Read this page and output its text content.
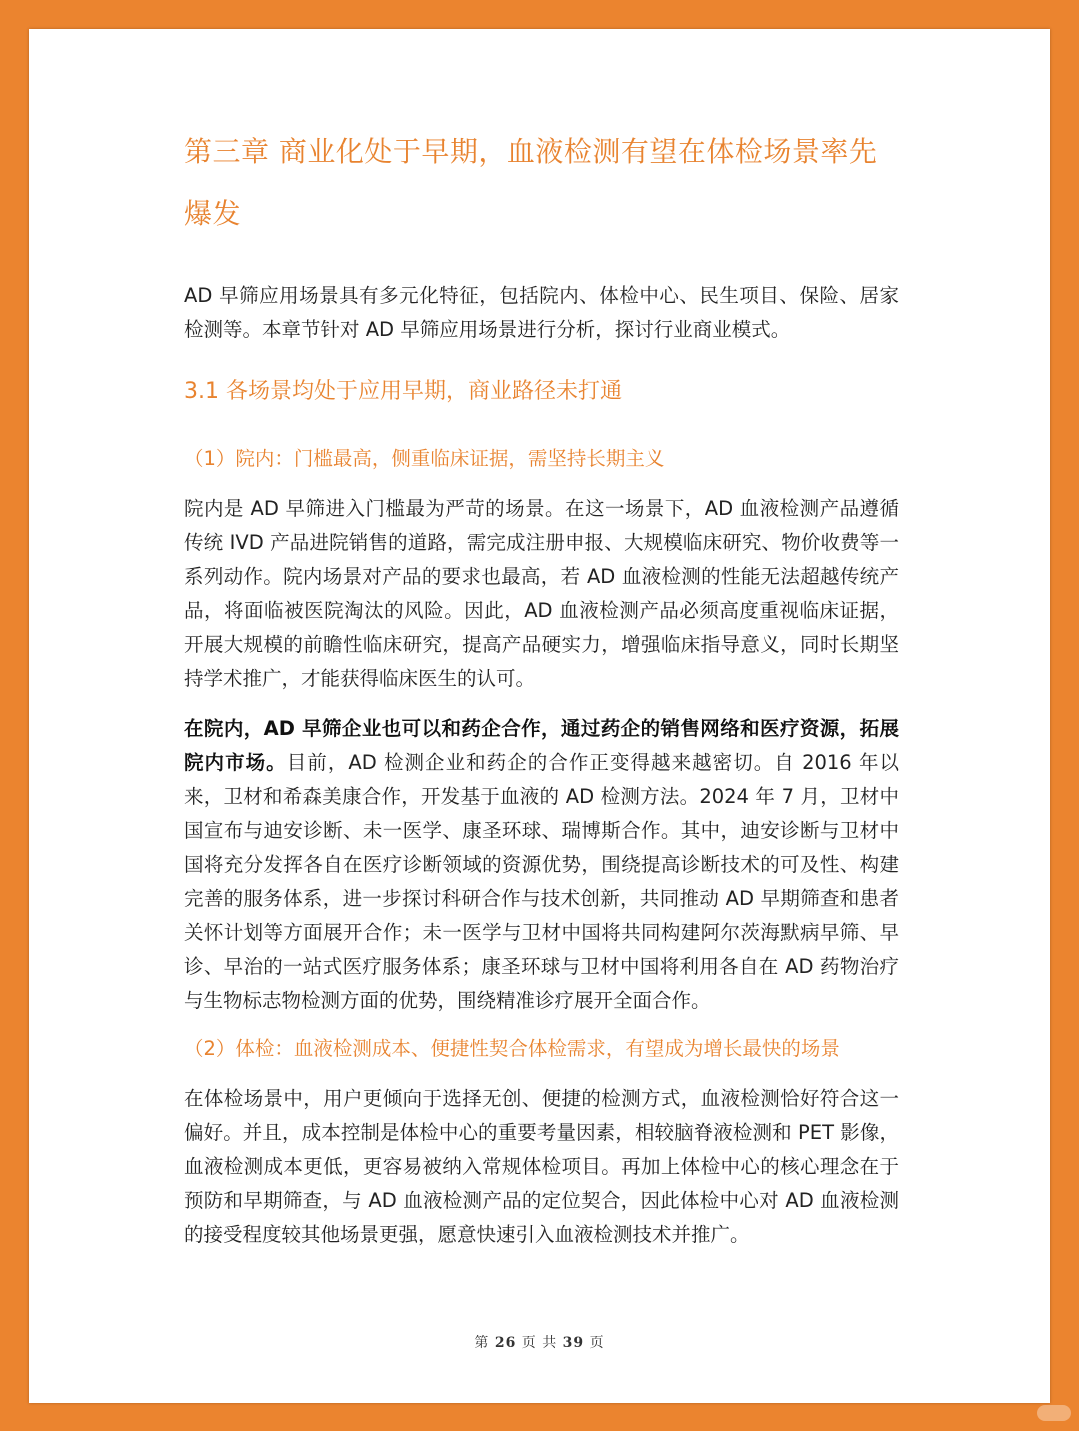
第三章 商业化处于早期，血液检测有望在体检场景率先爆发

AD 早筛应用场景具有多元化特征，包括院内、体检中心、民生项目、保险、居家检测等。本章节针对 AD 早筛应用场景进行分析，探讨行业商业模式。

3.1 各场景均处于应用早期，商业路径未打通
（1）院内：门槛最高，侧重临床证据，需坚持长期主义

院内是 AD 早筛进入门槛最为严苛的场景。在这一场景下，AD 血液检测产品遵循传统 IVD 产品进院销售的道路，需完成注册申报、大规模临床研究、物价收费等一系列动作。院内场景对产品的要求也最高，若 AD 血液检测的性能无法超越传统产品，将面临被医院淘汰的风险。因此，AD 血液检测产品必须高度重视临床证据，开展大规模的前瞻性临床研究，提高产品硬实力，增强临床指导意义，同时长期坚持学术推广，才能获得临床医生的认可。

在院内，AD 早筛企业也可以和药企合作，通过药企的销售网络和医疗资源，拓展院内市场。目前，AD 检测企业和药企的合作正变得越来越密切。自 2016 年以来，卫材和希森美康合作，开发基于血液的 AD 检测方法。2024 年 7 月，卫材中国宣布与迪安诊断、未一医学、康圣环球、瑞博斯合作。其中，迪安诊断与卫材中国将充分发挥各自在医疗诊断领域的资源优势，围绕提高诊断技术的可及性、构建完善的服务体系，进一步探讨科研合作与技术创新，共同推动 AD 早期筛查和患者关怀计划等方面展开合作；未一医学与卫材中国将共同构建阿尔茨海默病早筛、早诊、早治的一站式医疗服务体系；康圣环球与卫材中国将利用各自在 AD 药物治疗与生物标志物检测方面的优势，围绕精准诊疗展开全面合作。

（2）体检：血液检测成本、便捷性契合体检需求，有望成为增长最快的场景

在体检场景中，用户更倾向于选择无创、便捷的检测方式，血液检测恰好符合这一偏好。并且，成本控制是体检中心的重要考量因素，相较脑脊液检测和 PET 影像，血液检测成本更低，更容易被纳入常规体检项目。再加上体检中心的核心理念在于预防和早期筛查，与 AD 血液检测产品的定位契合，因此体检中心对 AD 血液检测的接受程度较其他场景更强，愿意快速引入血液检测技术并推广。

第 26 页 共 39 页
